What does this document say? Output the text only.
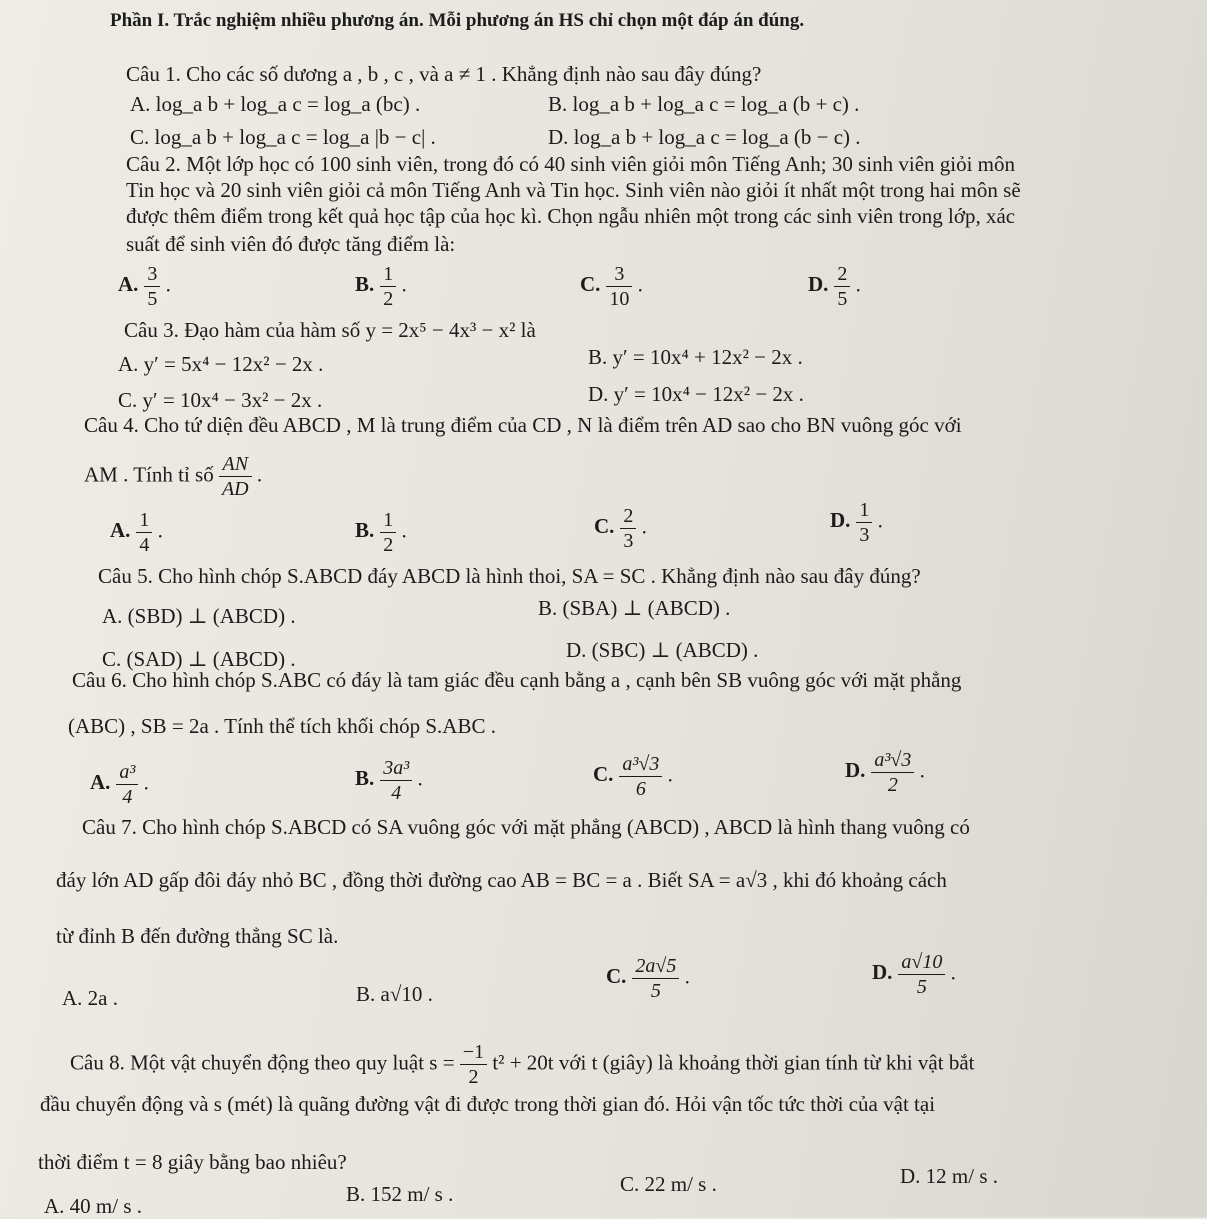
Phần I. Trắc nghiệm nhiều phương án. Mỗi phương án HS chỉ chọn một đáp án đúng.
Câu 1. Cho các số dương a , b , c , và a ≠ 1 . Khẳng định nào sau đây đúng?
A. log_a b + log_a c = log_a (bc) .	B. log_a b + log_a c = log_a (b + c) .
C. log_a b + log_a c = log_a |b − c| .	D. log_a b + log_a c = log_a (b − c) .
Câu 2. Một lớp học có 100 sinh viên, trong đó có 40 sinh viên giỏi môn Tiếng Anh; 30 sinh viên giỏi môn
Tin học và 20 sinh viên giỏi cả môn Tiếng Anh và Tin học. Sinh viên nào giỏi ít nhất một trong hai môn sẽ
được thêm điểm trong kết quả học tập của học kì. Chọn ngẫu nhiên một trong các sinh viên trong lớp, xác
suất để sinh viên đó được tăng điểm là:
A. $\frac{3}{5}$ .	B. $\frac{1}{2}$ .	C. $\frac{3}{10}$ .	D. $\frac{2}{5}$ .
Câu 3. Đạo hàm của hàm số y = 2x⁵ − 4x³ − x² là
A. y′ = 5x⁴ − 12x² − 2x .	B. y′ = 10x⁴ + 12x² − 2x .
C. y′ = 10x⁴ − 3x² − 2x .	D. y′ = 10x⁴ − 12x² − 2x .
Câu 4. Cho tứ diện đều ABCD , M là trung điểm của CD , N là điểm trên AD sao cho BN vuông góc với
AM . Tính tỉ số $\frac{AN}{AD}$ .
A. $\frac{1}{4}$ .	B. $\frac{1}{2}$ .	C. $\frac{2}{3}$ .	D. $\frac{1}{3}$ .
Câu 5. Cho hình chóp S.ABCD đáy ABCD là hình thoi, SA = SC . Khẳng định nào sau đây đúng?
A. (SBD) ⊥ (ABCD) .	B. (SBA) ⊥ (ABCD) .
C. (SAD) ⊥ (ABCD) .	D. (SBC) ⊥ (ABCD) .
Câu 6. Cho hình chóp S.ABC có đáy là tam giác đều cạnh bằng a , cạnh bên SB vuông góc với mặt phẳng
(ABC) , SB = 2a . Tính thể tích khối chóp S.ABC .
A. $\frac{\text{a³}}{4}$ .	B. $\frac{\text{3a³}}{4}$ .	C. $\frac{\text{a³√3}}{6}$ .	D. $\frac{\text{a³√3}}{2}$ .
Câu 7. Cho hình chóp S.ABCD có SA vuông góc với mặt phẳng (ABCD) , ABCD là hình thang vuông có
đáy lớn AD gấp đôi đáy nhỏ BC , đồng thời đường cao AB = BC = a . Biết SA = a√3 , khi đó khoảng cách
từ đỉnh B đến đường thẳng SC là.
A. 2a .	B. a√10 .
C. $\frac{2a√5}{5}$ .	D. $\frac{a√10}{5}$ .
Câu 8. Một vật chuyển động theo quy luật $s = \frac{-1}{2} t^2 + 20t$ với t (giây) là khoảng thời gian tính từ khi vật bắt
đầu chuyển động và s (mét) là quãng đường vật đi được trong thời gian đó. Hỏi vận tốc tức thời của vật tại
thời điểm t = 8 giây bằng bao nhiêu?
A. 40 m/ s .	B. 152 m/ s .	C. 22 m/ s .	D. 12 m/ s .
